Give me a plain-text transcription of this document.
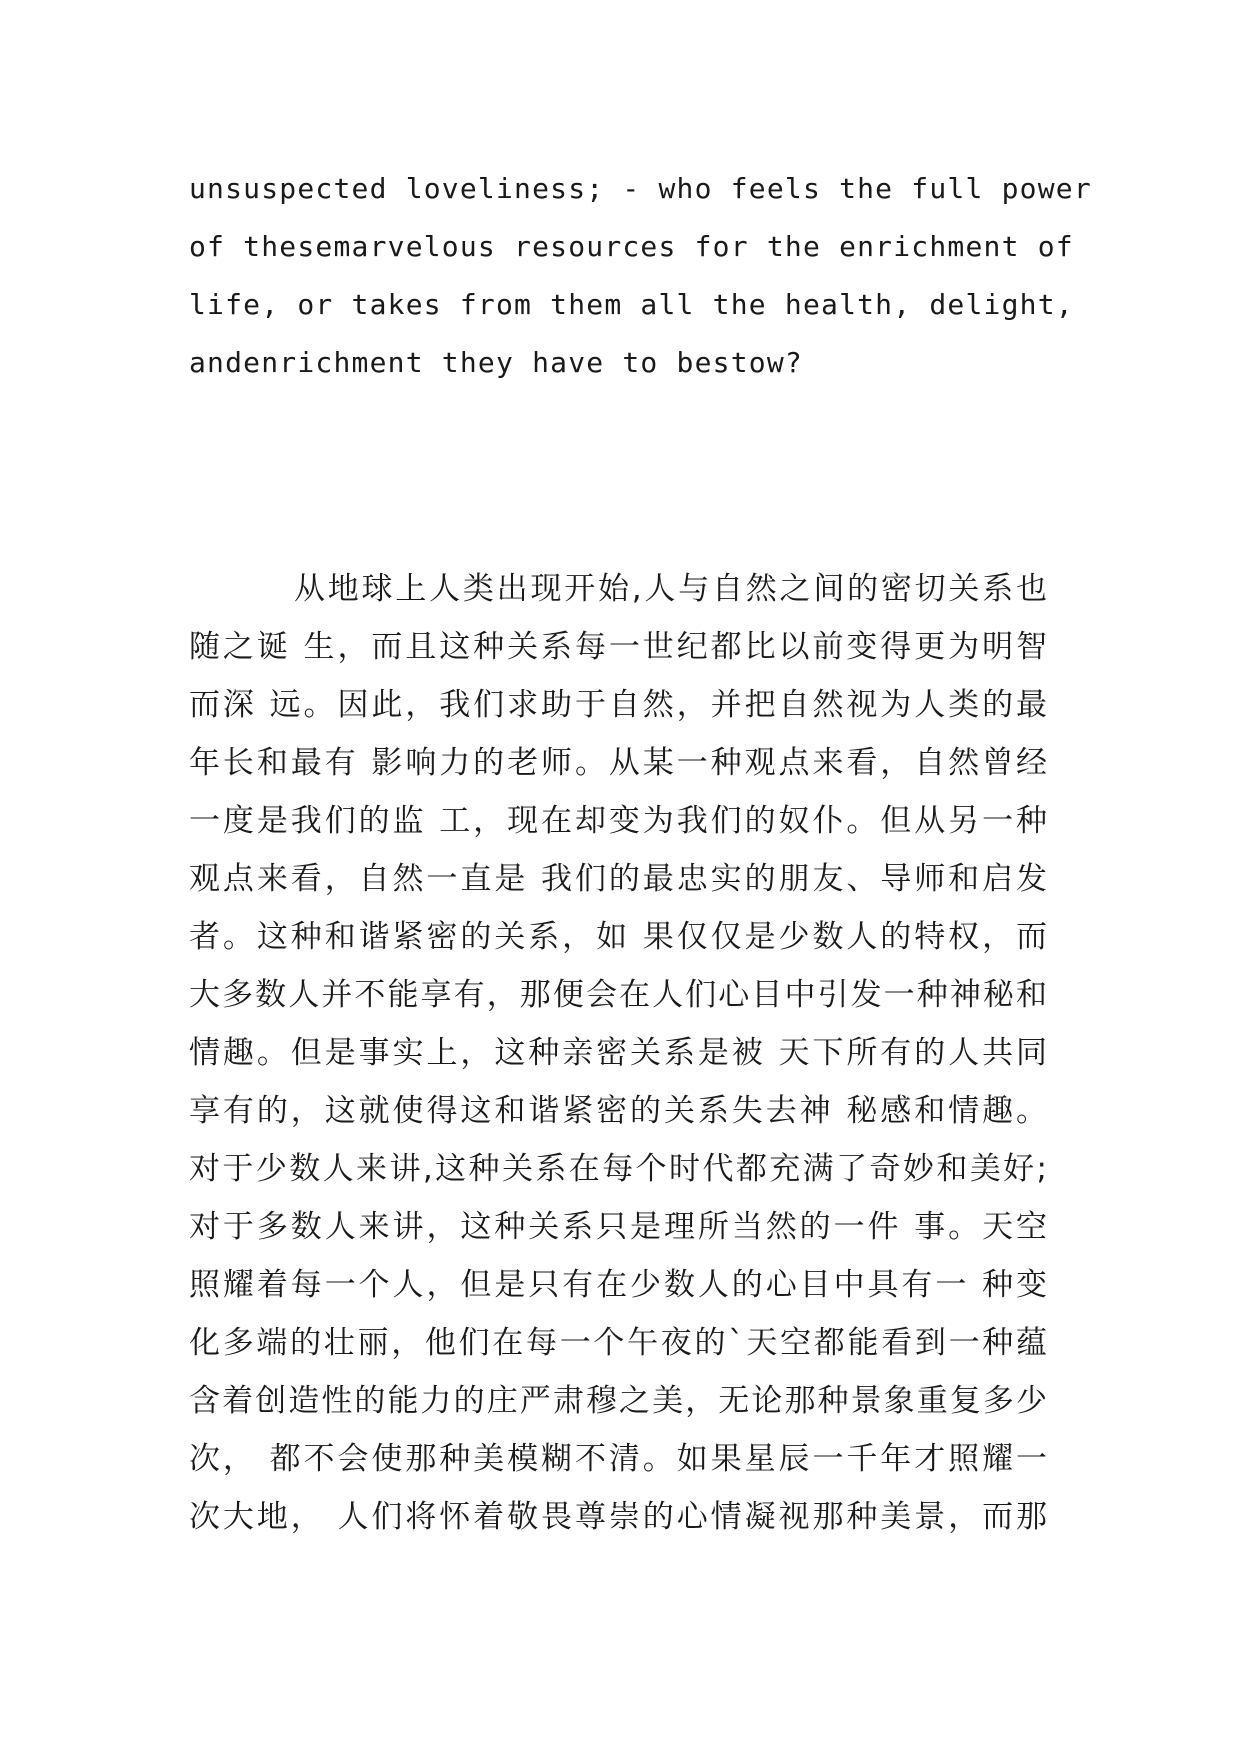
unsuspected loveliness; - who feels the full power
of thesemarvelous resources for the enrichment of
life, or takes from them all the health, delight,
andenrichment they have to bestow?
从地球上人类出现开始,人与自然之间的密切关系也
随之诞 生，而且这种关系每一世纪都比以前变得更为明智
而深 远。因此，我们求助于自然，并把自然视为人类的最
年长和最有 影响力的老师。从某一种观点来看，自然曾经
一度是我们的监 工，现在却变为我们的奴仆。但从另一种
观点来看，自然一直是 我们的最忠实的朋友、导师和启发
者。这种和谐紧密的关系，如 果仅仅是少数人的特权，而
大多数人并不能享有，那便会在人们心目中引发一种神秘和
情趣。但是事实上，这种亲密关系是被 天下所有的人共同
享有的，这就使得这和谐紧密的关系失去神 秘感和情趣。
对于少数人来讲,这种关系在每个时代都充满了奇妙和美好;
对于多数人来讲，这种关系只是理所当然的一件 事。天空
照耀着每一个人，但是只有在少数人的心目中具有一 种变
化多端的壮丽，他们在每一个午夜的`天空都能看到一种蕴
含着创造性的能力的庄严肃穆之美，无论那种景象重复多少
次， 都不会使那种美模糊不清。如果星辰一千年才照耀一
次大地， 人们将怀着敬畏尊崇的心情凝视那种美景，而那
